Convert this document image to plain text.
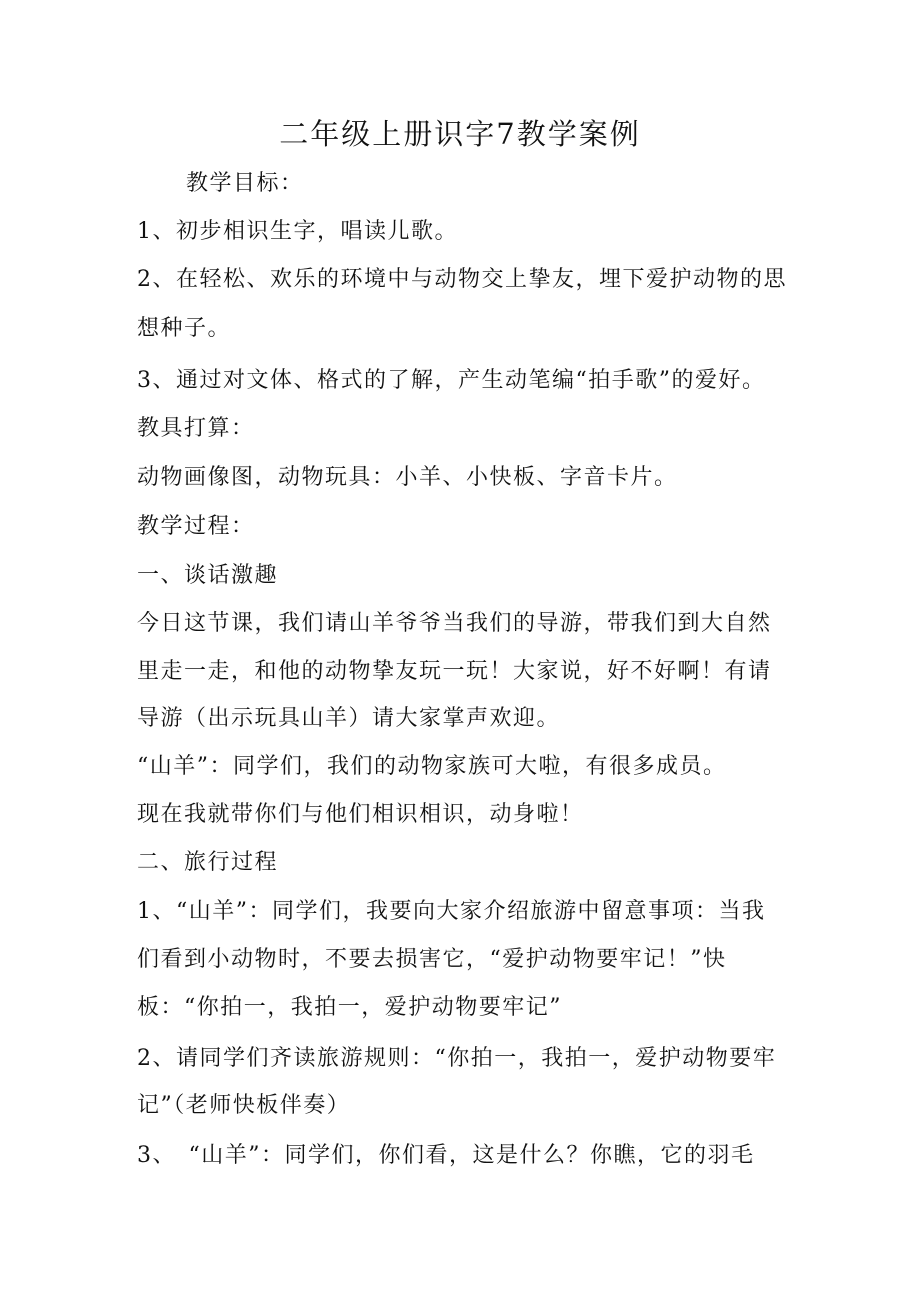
二年级上册识字7教学案例
教学目标：
1、初步相识生字，唱读儿歌。
2、在轻松、欢乐的环境中与动物交上挚友，埋下爱护动物的思
想种子。
3、通过对文体、格式的了解，产生动笔编“拍手歌”的爱好。
教具打算：
动物画像图，动物玩具：小羊、小快板、字音卡片。
教学过程：
一、谈话激趣
今日这节课，我们请山羊爷爷当我们的导游，带我们到大自然
里走一走，和他的动物挚友玩一玩！大家说，好不好啊！有请
导游（出示玩具山羊）请大家掌声欢迎。
“山羊”：同学们，我们的动物家族可大啦，有很多成员。
现在我就带你们与他们相识相识，动身啦！
二、旅行过程
1、“山羊”：同学们，我要向大家介绍旅游中留意事项：当我
们看到小动物时，不要去损害它，“爱护动物要牢记！”快
板：“你拍一，我拍一，爱护动物要牢记”
2、请同学们齐读旅游规则：“你拍一，我拍一，爱护动物要牢
记”（老师快板伴奏）
3、　“山羊”：同学们，你们看，这是什么？你瞧，它的羽毛
